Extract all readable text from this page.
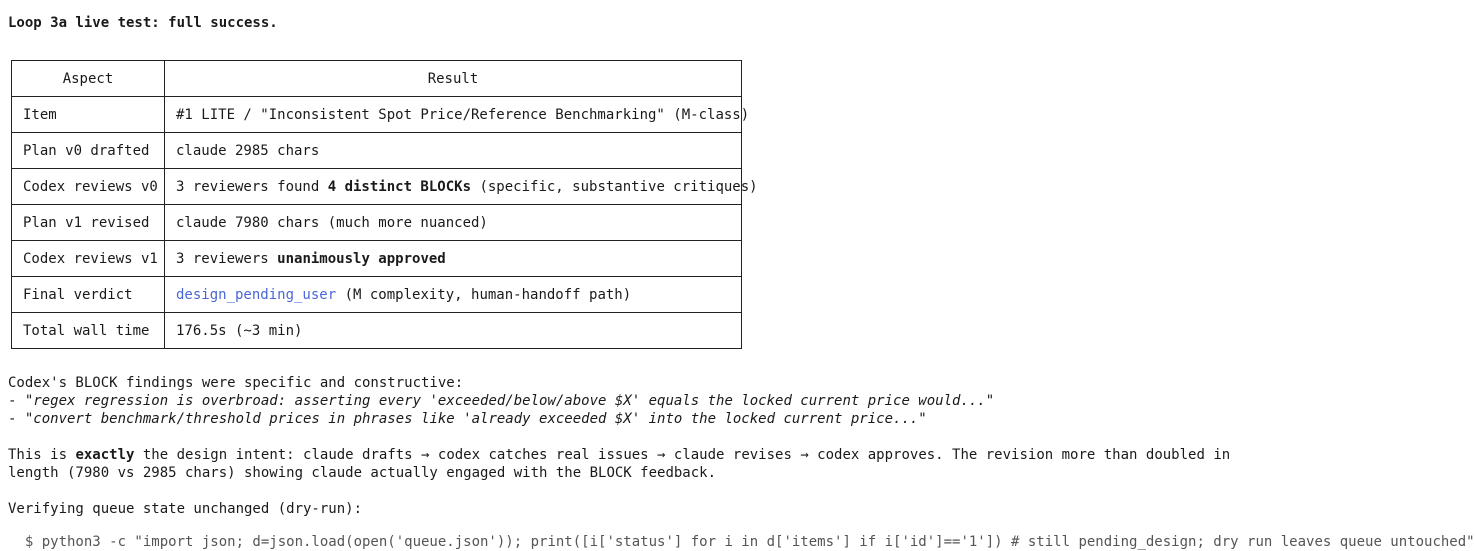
Loop 3a live test: full success.
Aspect	Result
Item	#1 LITE / "Inconsistent Spot Price/Reference Benchmarking" (M-class)
Plan v0 drafted	claude 2985 chars
Codex reviews v0	3 reviewers found 4 distinct BLOCKs (specific, substantive critiques)
Plan v1 revised	claude 7980 chars (much more nuanced)
Codex reviews v1	3 reviewers unanimously approved
Final verdict	design_pending_user (M complexity, human-handoff path)
Total wall time	176.5s (~3 min)
Codex's BLOCK findings were specific and constructive:
- "regex regression is overbroad: asserting every 'exceeded/below/above $X' equals the locked current price would..."
- "convert benchmark/threshold prices in phrases like 'already exceeded $X' into the locked current price..."
This is exactly the design intent: claude drafts → codex catches real issues → claude revises → codex approves. The revision more than doubled in
length (7980 vs 2985 chars) showing claude actually engaged with the BLOCK feedback.
Verifying queue state unchanged (dry-run):
$ python3 -c "import json; d=json.load(open('queue.json')); print([i['status'] for i in d['items'] if i['id']=='1']) # still pending_design; dry run leaves queue untouched"
